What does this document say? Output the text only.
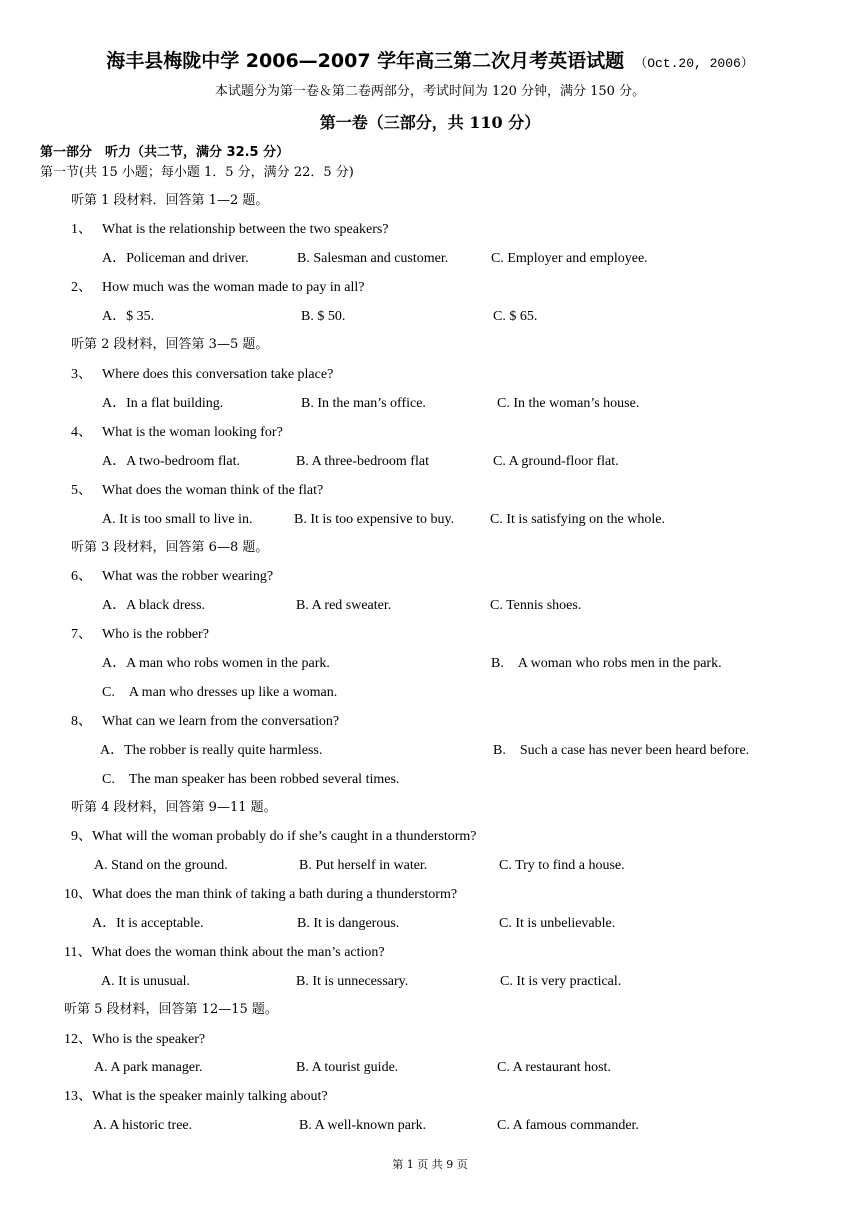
海丰县梅陇中学 2006—2007 学年高三第二次月考英语试题 （Oct.20, 2006）
本试题分为第一卷＆第二卷两部分，考试时间为 120 分钟，满分 150 分。
第一卷（三部分，共 110 分）
第一部分　听力（共二节，满分 32.5 分）
第一节(共 15 小题；每小题 1．5 分，满分 22．5 分)
听第 1 段材料．回答第 1—2 题。
1、 What is the relationship between the two speakers?
A．Policeman and driver.	B. Salesman and customer.	C. Employer and employee.
2、 How much was the woman made to pay in all?
A．$ 35.	B. $ 50.	C. $ 65.
听第 2 段材料，回答第 3—5 题。
3、 Where does this conversation take place?
A．In a flat building.	B. In the man’s office.	C. In the woman’s house.
4、 What is the woman looking for?
A．A two-bedroom flat.	B. A three-bedroom flat	C. A ground-floor flat.
5、 What does the woman think of the flat?
A. It is too small to live in.	B. It is too expensive to buy.	C. It is satisfying on the whole.
听第 3 段材料，回答第 6—8 题。
6、 What was the robber wearing?
A．A black dress.	B. A red sweater.	C. Tennis shoes.
7、 Who is the robber?
A．A man who robs women in the park.	B.　A woman who robs men in the park.
C.　A man who dresses up like a woman.
8、 What can we learn from the conversation?
A．The robber is really quite harmless.	B.　Such a case has never been heard before.
C.　The man speaker has been robbed several times.
听第 4 段材料，回答第 9—11 题。
9、What will the woman probably do if she’s caught in a thunderstorm?
A. Stand on the ground.	B. Put herself in water.	C. Try to find a house.
10、What does the man think of taking a bath during a thunderstorm?
A．It is acceptable.	B. It is dangerous.	C. It is unbelievable.
11、What does the woman think about the man’s action?
A. It is unusual.	B. It is unnecessary.	C. It is very practical.
听第 5 段材料，回答第 12—15 题。
12、Who is the speaker?
A. A park manager.	B. A tourist guide.	C. A restaurant host.
13、What is the speaker mainly talking about?
A. A historic tree.	B. A well-known park.	C. A famous commander.
第 1 页 共 9 页
